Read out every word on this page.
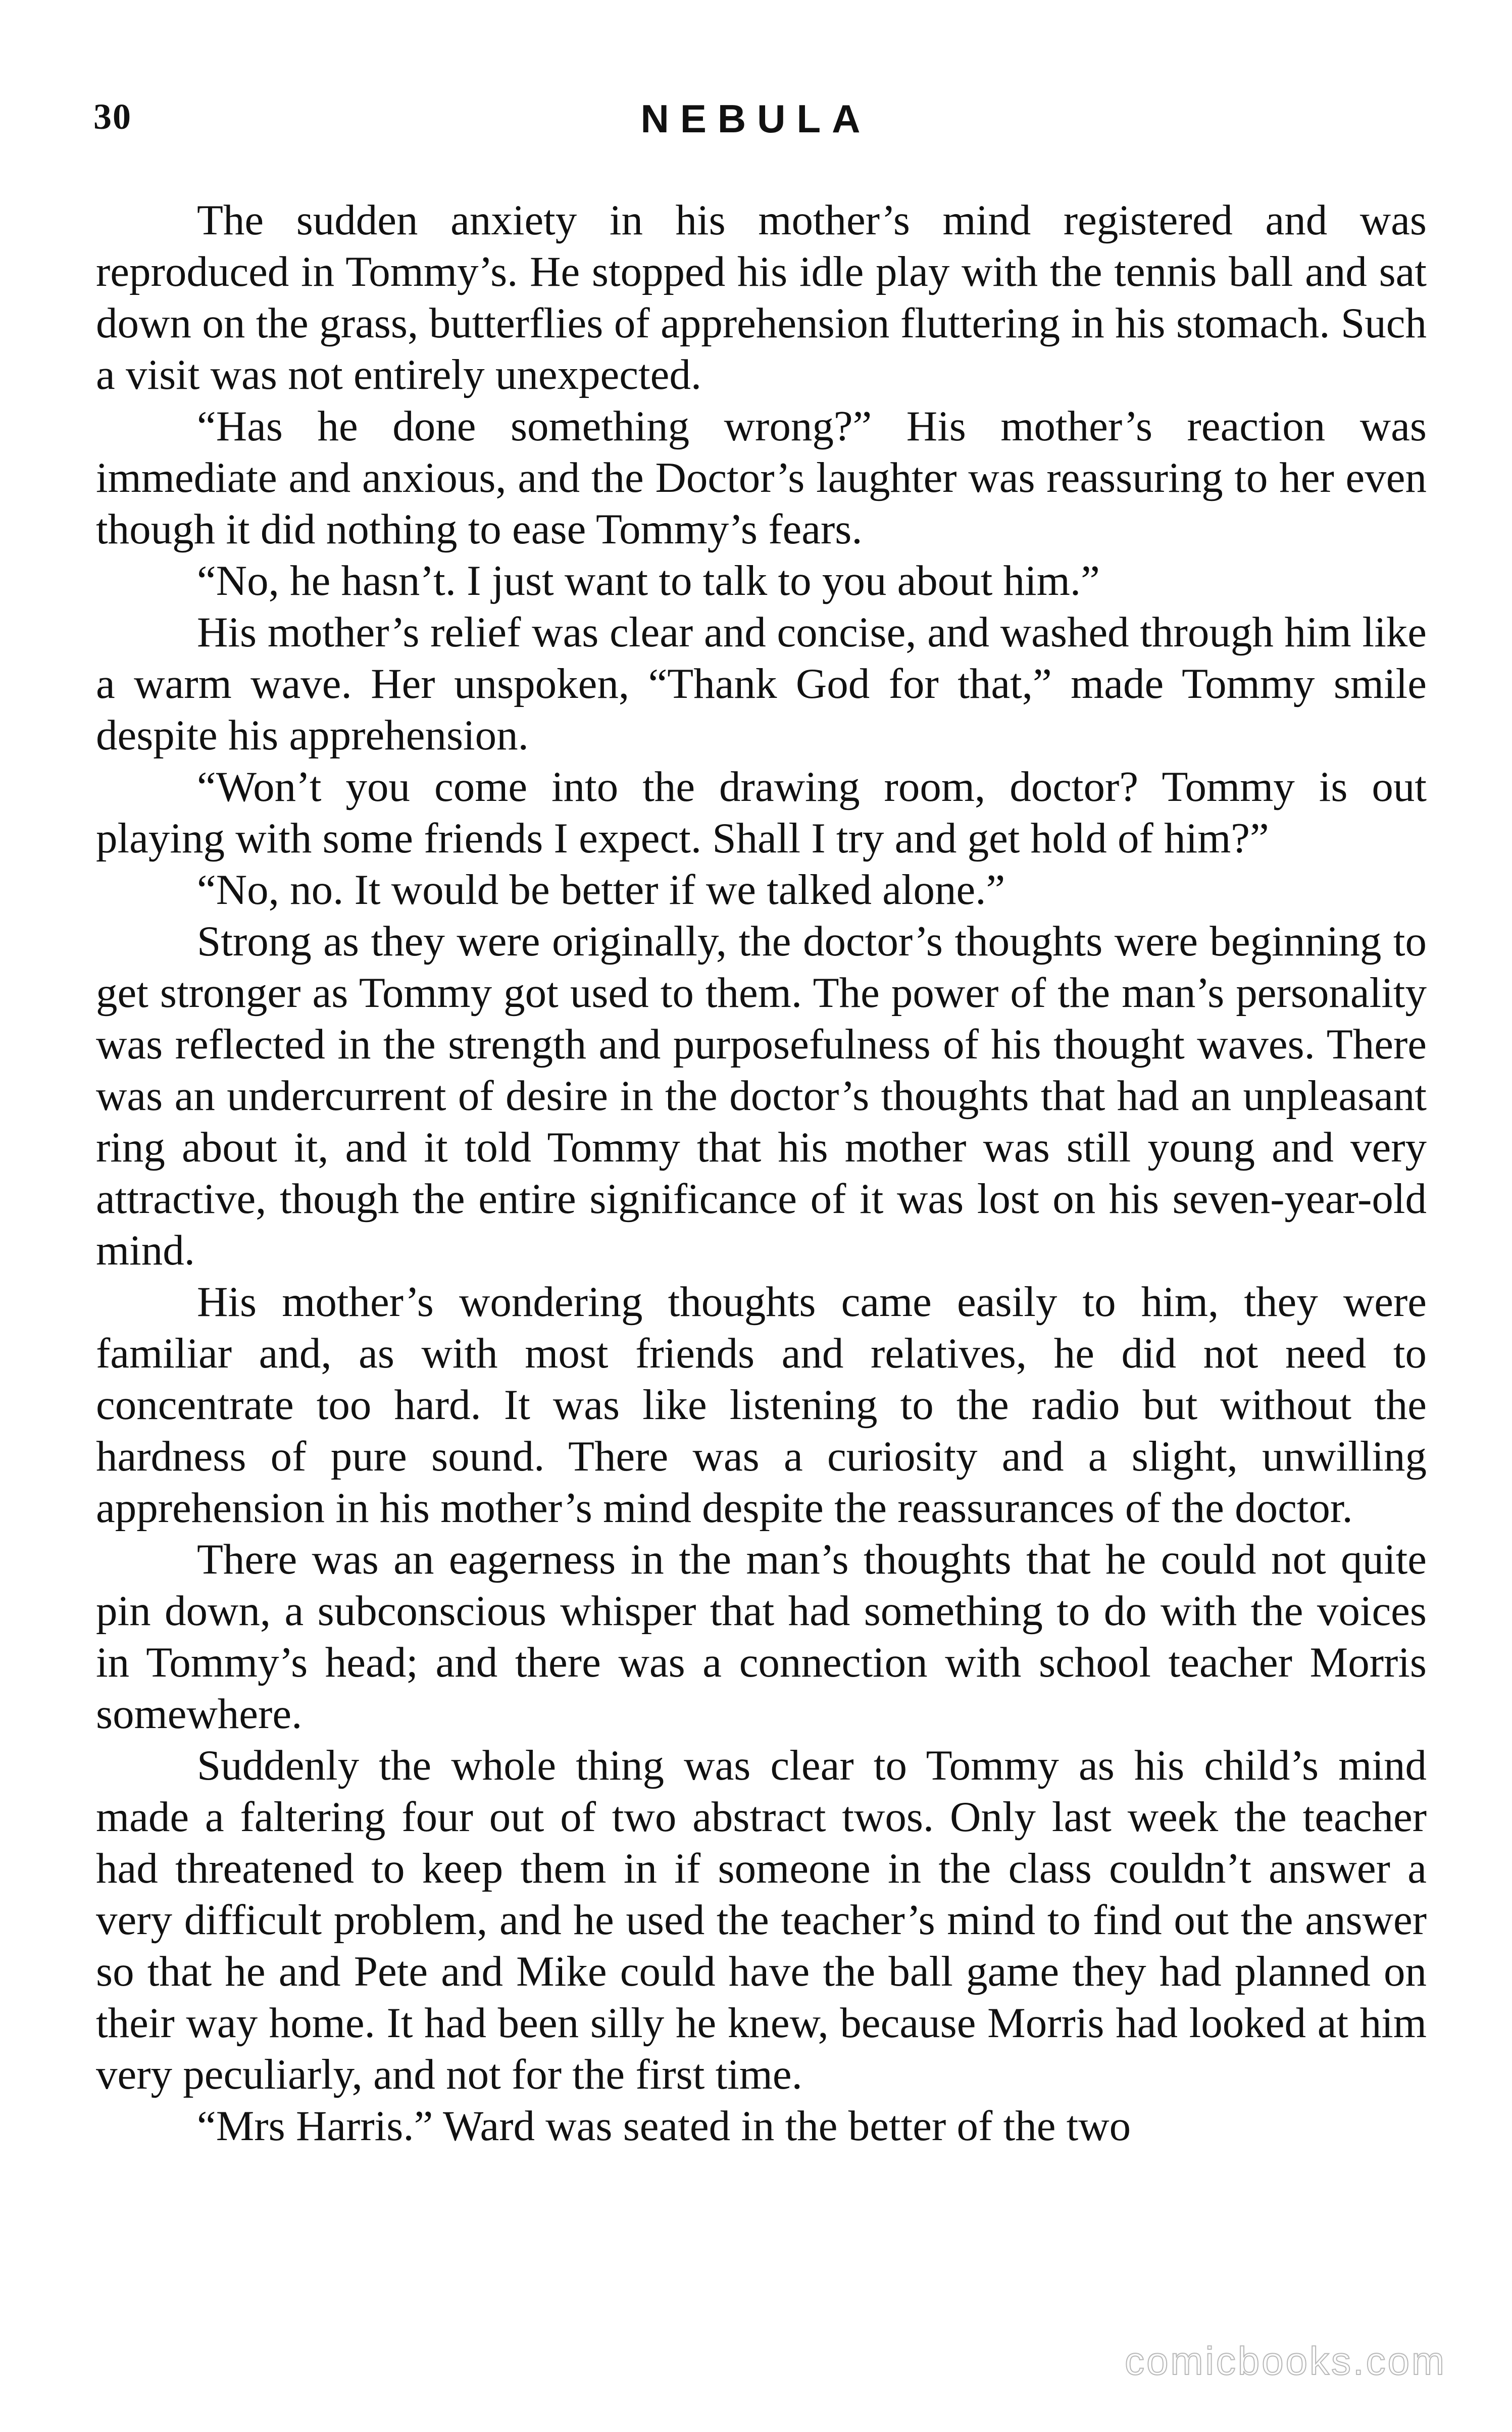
30	NEBULA

The sudden anxiety in his mother’s mind registered and was reproduced in Tommy’s. He stopped his idle play with the tennis ball and sat down on the grass, butterflies of apprehension fluttering in his stomach. Such a visit was not entirely unexpected.

“Has he done something wrong?” His mother’s reaction was immediate and anxious, and the Doctor’s laughter was reassuring to her even though it did nothing to ease Tommy’s fears.

“No, he hasn’t. I just want to talk to you about him.”

His mother’s relief was clear and concise, and washed through him like a warm wave. Her unspoken, “Thank God for that,” made Tommy smile despite his apprehension.

“Won’t you come into the drawing room, doctor? Tommy is out playing with some friends I expect. Shall I try and get hold of him?”

“No, no. It would be better if we talked alone.”

Strong as they were originally, the doctor’s thoughts were beginning to get stronger as Tommy got used to them. The power of the man’s personality was reflected in the strength and purposefulness of his thought waves. There was an undercurrent of desire in the doctor’s thoughts that had an unpleasant ring about it, and it told Tommy that his mother was still young and very attractive, though the entire significance of it was lost on his seven-year-old mind.

His mother’s wondering thoughts came easily to him, they were familiar and, as with most friends and relatives, he did not need to concentrate too hard. It was like listening to the radio but without the hardness of pure sound. There was a curiosity and a slight, unwilling apprehension in his mother’s mind despite the reassurances of the doctor.

There was an eagerness in the man’s thoughts that he could not quite pin down, a subconscious whisper that had something to do with the voices in Tommy’s head; and there was a connection with school teacher Morris somewhere.

Suddenly the whole thing was clear to Tommy as his child’s mind made a faltering four out of two abstract twos. Only last week the teacher had threatened to keep them in if someone in the class couldn’t answer a very difficult problem, and he used the teacher’s mind to find out the answer so that he and Pete and Mike could have the ball game they had planned on their way home. It had been silly he knew, because Morris had looked at him very peculiarly, and not for the first time.

“Mrs Harris.” Ward was seated in the better of the two

comicbooks.com
